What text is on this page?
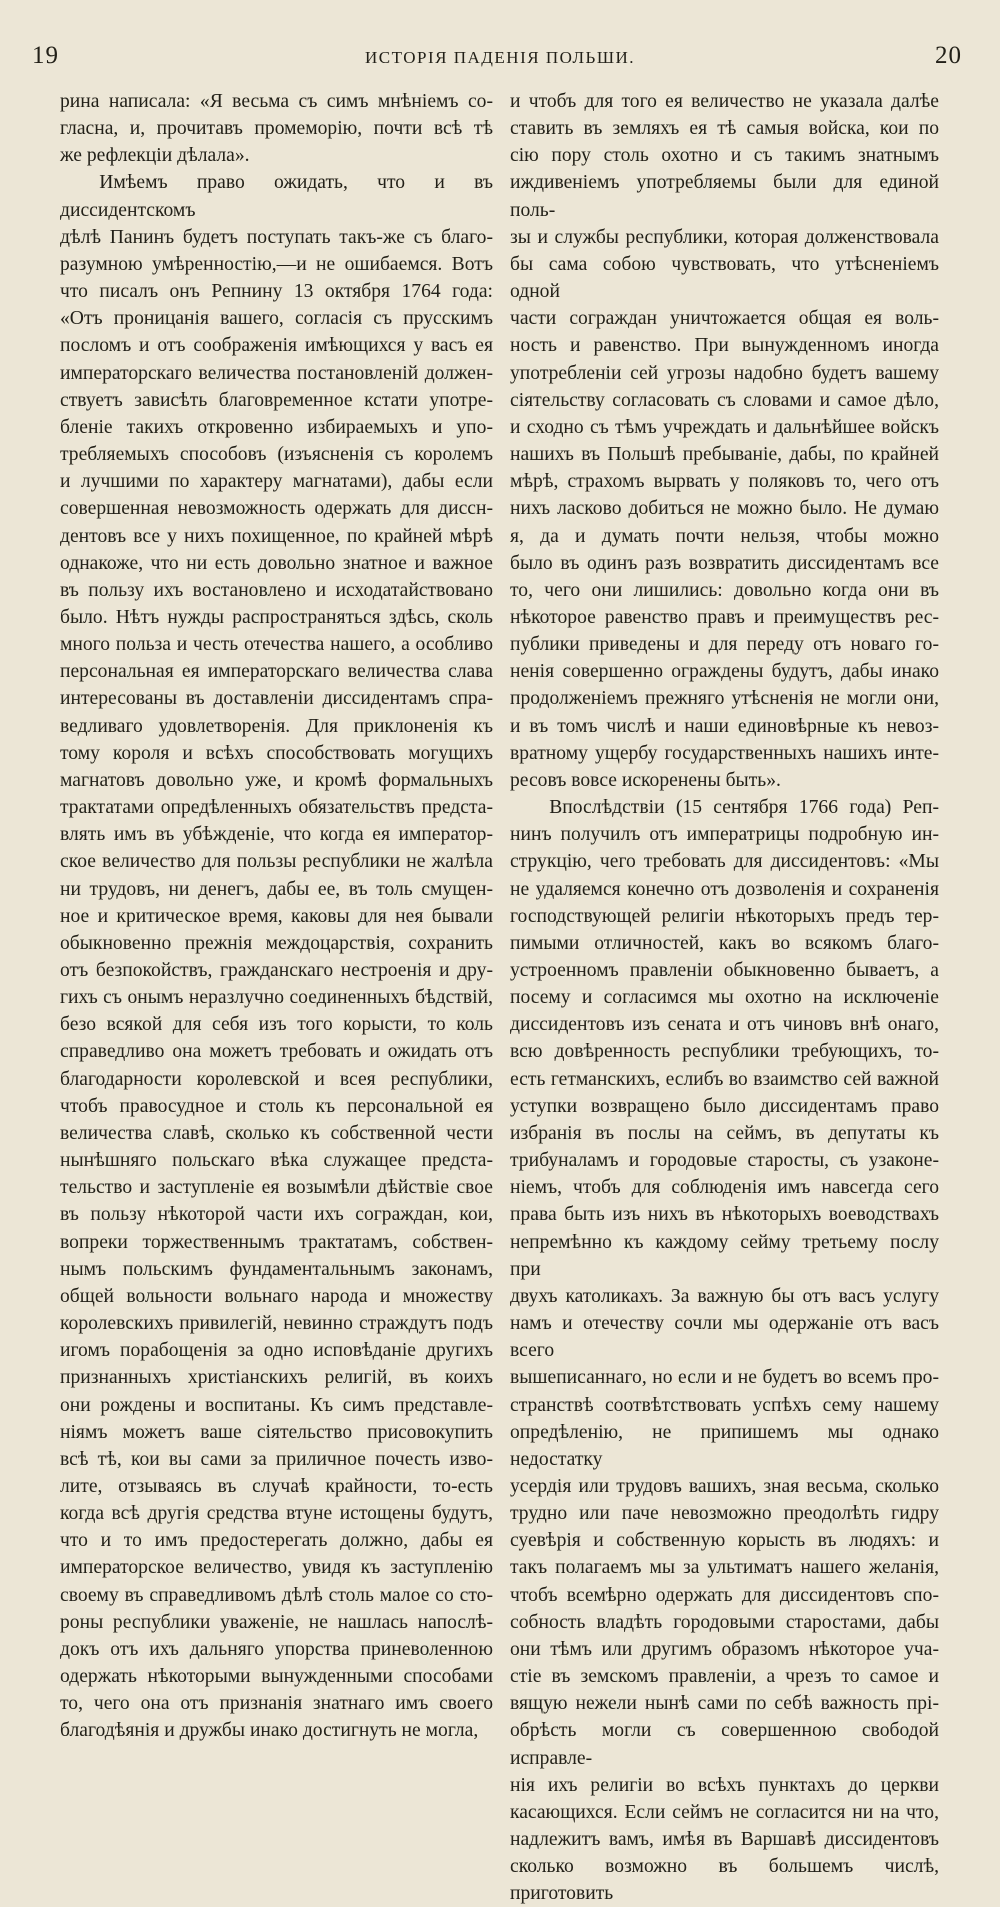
19	ИСТОРІЯ ПАДЕНІЯ ПОЛЬШИ.	20

рина написала: «Я весьма съ симъ мнѣніемъ со-

гласна, и, прочитавъ промеморію, почти всѣ тѣ

же рефлекціи дѣлала».

Имѣемъ право ожидать, что и въ диссидентскомъ

дѣлѣ Панинъ будетъ поступать такъ-же съ благо-

разумною умѣренностію,—и не ошибаемся. Вотъ

что писалъ онъ Репнину 13 октября 1764 года:

«Отъ проницанія вашего, согласія съ прусскимъ

посломъ и отъ соображенія имѣющихся у васъ ея

императорскаго величества постановленій должен-

ствуетъ зависѣть благовременное кстати употре-

бленіе такихъ откровенно избираемыхъ и упо-

требляемыхъ способовъ (изъясненія съ королемъ

и лучшими по характеру магнатами), дабы если

совершенная невозможность одержать для диссн-

дентовъ все у нихъ похищенное, по крайней мѣрѣ

однакоже, что ни есть довольно знатное и важное

въ пользу ихъ востановлено и исходатайствовано

было. Нѣтъ нужды распространяться здѣсь, сколь

много польза и честь отечества нашего, а особливо

персональная ея императорскаго величества слава

интересованы въ доставленіи диссидентамъ спра-

ведливаго удовлетворенія. Для приклоненія къ

тому короля и всѣхъ способствовать могущихъ

магнатовъ довольно уже, и кромѣ формальныхъ

трактатами опредѣленныхъ обязательствъ предста-

влять имъ въ убѣжденіе, что когда ея император-

ское величество для пользы республики не жалѣла

ни трудовъ, ни денегъ, дабы ее, въ толь смущен-

ное и критическое время, каковы для нея бывали

обыкновенно прежнія междоцарствія, сохранить

отъ безпокойствъ, гражданскаго нестроенія и дру-

гихъ съ онымъ неразлучно соединенныхъ бѣдствій,

безо всякой для себя изъ того корысти, то коль

справедливо она можетъ требовать и ожидать отъ

благодарности королевской и всея республики,

чтобъ правосудное и столь къ персональной ея

величества славѣ, сколько къ собственной чести

нынѣшняго польскаго вѣка служащее предста-

тельство и заступленіе ея возымѣли дѣйствіе свое

въ пользу нѣкоторой части ихъ сограждан, кои,

вопреки торжественнымъ трактатамъ, собствен-

нымъ польскимъ фундаментальнымъ законамъ,

общей вольности вольнаго народа и множеству

королевскихъ привилегій, невинно страждутъ подъ

игомъ порабощенія за одно исповѣданіе другихъ

признанныхъ христіанскихъ религій, въ коихъ

они рождены и воспитаны. Къ симъ представле-

ніямъ можетъ ваше сіятельство присовокупить

всѣ тѣ, кои вы сами за приличное почесть изво-

лите, отзываясь въ случаѣ крайности, то-есть

когда всѣ другія средства втуне истощены будутъ,

что и то имъ предостерегать должно, дабы ея

императорское величество, увидя къ заступленію

своему въ справедливомъ дѣлѣ столь малое со сто-

роны республики уваженіе, не нашлась напослѣ-

докъ отъ ихъ дальняго упорства приневоленною

одержать нѣкоторыми вынужденными способами

то, чего она отъ признанія знатнаго имъ своего

благодѣянія и дружбы инако достигнуть не могла,

и чтобъ для того ея величество не указала далѣе

ставить въ земляхъ ея тѣ самыя войска, кои по

сію пору столь охотно и съ такимъ знатнымъ

иждивеніемъ употребляемы были для единой поль-

зы и службы республики, которая долженствовала

бы сама собою чувствовать, что утѣсненіемъ одной

части сограждан уничтожается общая ея воль-

ность и равенство. При вынужденномъ иногда

употребленіи сей угрозы надобно будетъ вашему

сіятельству согласовать съ словами и самое дѣло,

и сходно съ тѣмъ учреждать и дальнѣйшее войскъ

нашихъ въ Польшѣ пребываніе, дабы, по крайней

мѣрѣ, страхомъ вырвать у поляковъ то, чего отъ

нихъ ласково добиться не можно было. Не думаю

я, да и думать почти нельзя, чтобы можно

было въ одинъ разъ возвратить диссидентамъ все

то, чего они лишились: довольно когда они въ

нѣкоторое равенство правъ и преимуществъ рес-

публики приведены и для переду отъ новаго го-

ненія совершенно ограждены будутъ, дабы инако

продолженіемъ прежняго утѣсненія не могли они,

и въ томъ числѣ и наши единовѣрные къ невоз-

вратному ущербу государственныхъ нашихъ инте-

ресовъ вовсе искоренены быть».

Впослѣдствіи (15 сентября 1766 года) Реп-

нинъ получилъ отъ императрицы подробную ин-

струкцію, чего требовать для диссидентовъ: «Мы

не удаляемся конечно отъ дозволенія и сохраненія

господствующей религіи нѣкоторыхъ предъ тер-

пимыми отличностей, какъ во всякомъ благо-

устроенномъ правленіи обыкновенно бываетъ, а

посему и согласимся мы охотно на исключеніе

диссидентовъ изъ сената и отъ чиновъ внѣ онаго,

всю довѣренность республики требующихъ, то-

есть гетманскихъ, еслибъ во взаимство сей важной

уступки возвращено было диссидентамъ право

избранія въ послы на сеймъ, въ депутаты къ

трибуналамъ и городовые старосты, съ узаконе-

ніемъ, чтобъ для соблюденія имъ навсегда сего

права быть изъ нихъ въ нѣкоторыхъ воеводствахъ

непремѣнно къ каждому сейму третьему послу при

двухъ католикахъ. За важную бы отъ васъ услугу

намъ и отечеству сочли мы одержаніе отъ васъ всего

вышеписаннаго, но если и не будетъ во всемъ про-

странствѣ соотвѣтствовать успѣхъ сему нашему

опредѣленію, не припишемъ мы однако недостатку

усердія или трудовъ вашихъ, зная весьма, сколько

трудно или паче невозможно преодолѣть гидру

суевѣрія и собственную корысть въ людяхъ: и

такъ полагаемъ мы за ультиматъ нашего желанія,

чтобъ всемѣрно одержать для диссидентовъ спо-

собность владѣть городовыми старостами, дабы

они тѣмъ или другимъ образомъ нѣкоторое уча-

стіе въ земскомъ правленіи, а чрезъ то самое и

вящую нежели нынѣ сами по себѣ важность прі-

обрѣсть могли съ совершенною свободой исправле-

нія ихъ религіи во всѣхъ пунктахъ до церкви

касающихся. Если сеймъ не согласится ни на что,

надлежитъ вамъ, имѣя въ Варшавѣ диссидентовъ

сколько возможно въ большемъ числѣ, приготовить
